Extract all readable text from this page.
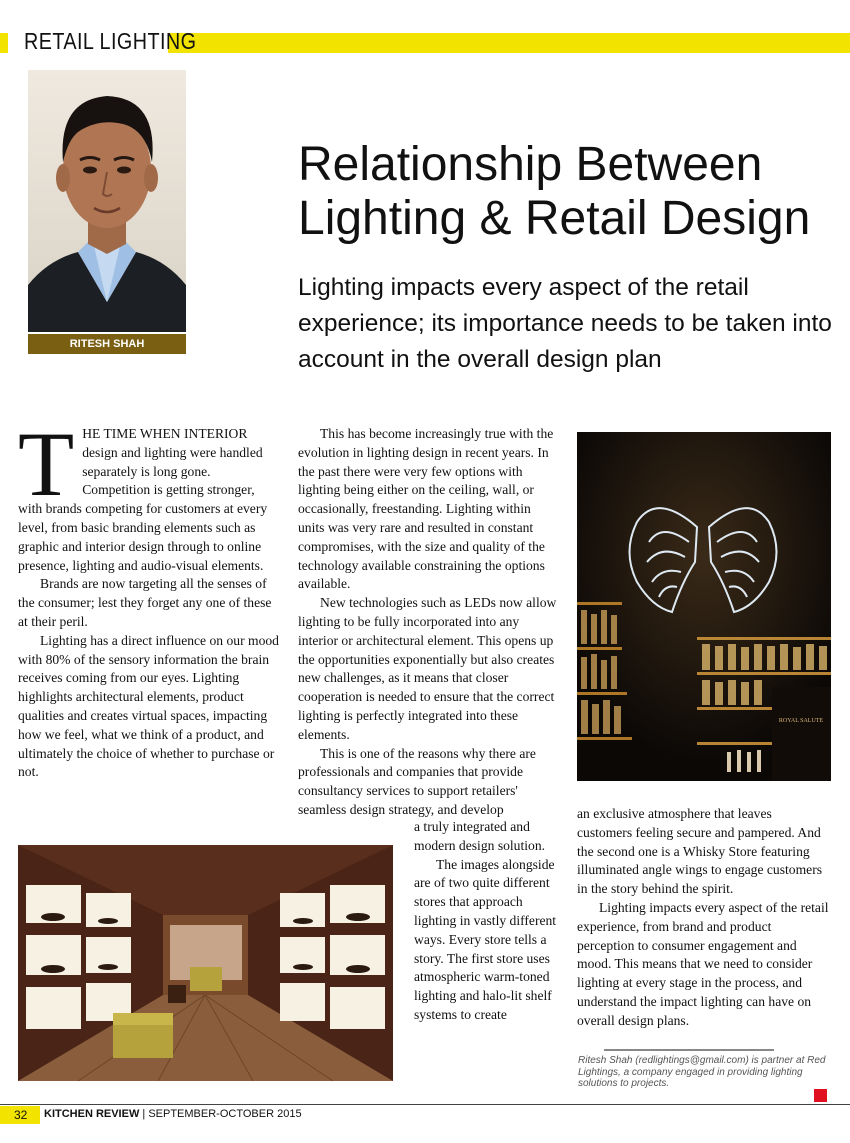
RETAIL LIGHTING
RITESH SHAH
Relationship Between Lighting & Retail Design

Lighting impacts every aspect of the retail experience; its importance needs to be taken into account in the overall design plan

THE TIME WHEN INTERIOR design and lighting were handled separately is long gone. Competition is getting stronger, with brands competing for customers at every level, from basic branding elements such as graphic and interior design through to online presence, lighting and audio-visual elements.

Brands are now targeting all the senses of the consumer; lest they forget any one of these at their peril.

Lighting has a direct influence on our mood with 80% of the sensory information the brain receives coming from our eyes. Lighting highlights architectural elements, product qualities and creates virtual spaces, impacting how we feel, what we think of a product, and ultimately the choice of whether to purchase or not.

This has become increasingly true with the evolution in lighting design in recent years. In the past there were very few options with lighting being either on the ceiling, wall, or occasionally, freestanding. Lighting within units was very rare and resulted in constant compromises, with the size and quality of the technology available constraining the options available.

New technologies such as LEDs now allow lighting to be fully incorporated into any interior or architectural element. This opens up the opportunities exponentially but also creates new challenges, as it means that closer cooperation is needed to ensure that the correct lighting is perfectly integrated into these elements.

This is one of the reasons why there are professionals and companies that provide consultancy services to support retailers' seamless design strategy, and develop

a truly integrated and modern design solution.

The images alongside are of two quite different stores that approach lighting in vastly different ways. Every store tells a story. The first store uses atmospheric warm-toned lighting and halo-lit shelf systems to create

ROYAL SALUTE

an exclusive atmosphere that leaves customers feeling secure and pampered. And the second one is a Whisky Store featuring illuminated angle wings to engage customers in the story behind the spirit.

Lighting impacts every aspect of the retail experience, from brand and product perception to consumer engagement and mood. This means that we need to consider lighting at every stage in the process, and understand the impact lighting can have on overall design plans.

Ritesh Shah (redlightings@gmail.com) is partner at Red Lightings, a company engaged in providing lighting solutions to projects.

32 KITCHEN REVIEW | SEPTEMBER-OCTOBER 2015
